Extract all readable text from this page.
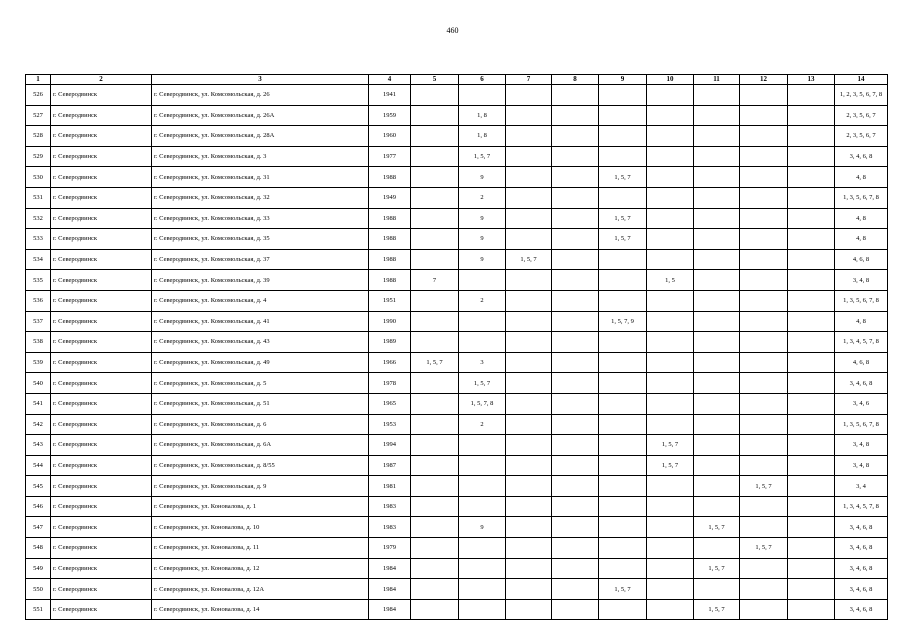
460
1	2	3	4	5	6	7	8	9	10	11	12	13	14
526	г. Северодвинск	г. Северодвинск, ул. Комсомольская, д. 26	1941										1, 2, 3, 5, 6, 7, 8
527	г. Северодвинск	г. Северодвинск, ул. Комсомольская, д. 26А	1959		1, 8								2, 3, 5, 6, 7
528	г. Северодвинск	г. Северодвинск, ул. Комсомольская, д. 28А	1960		1, 8								2, 3, 5, 6, 7
529	г. Северодвинск	г. Северодвинск, ул. Комсомольская, д. 3	1977		1, 5, 7								3, 4, 6, 8
530	г. Северодвинск	г. Северодвинск, ул. Комсомольская, д. 31	1988		9			1, 5, 7					4, 8
531	г. Северодвинск	г. Северодвинск, ул. Комсомольская, д. 32	1949		2								1, 3, 5, 6, 7, 8
532	г. Северодвинск	г. Северодвинск, ул. Комсомольская, д. 33	1988		9			1, 5, 7					4, 8
533	г. Северодвинск	г. Северодвинск, ул. Комсомольская, д. 35	1988		9			1, 5, 7					4, 8
534	г. Северодвинск	г. Северодвинск, ул. Комсомольская, д. 37	1988		9	1, 5, 7							4, 6, 8
535	г. Северодвинск	г. Северодвинск, ул. Комсомольская, д. 39	1988	7					1, 5				3, 4, 8
536	г. Северодвинск	г. Северодвинск, ул. Комсомольская, д. 4	1951		2								1, 3, 5, 6, 7, 8
537	г. Северодвинск	г. Северодвинск, ул. Комсомольская, д. 41	1990					1, 5, 7, 9					4, 8
538	г. Северодвинск	г. Северодвинск, ул. Комсомольская, д. 43	1989										1, 3, 4, 5, 7, 8
539	г. Северодвинск	г. Северодвинск, ул. Комсомольская, д. 49	1966	1, 5, 7	3								4, 6, 8
540	г. Северодвинск	г. Северодвинск, ул. Комсомольская, д. 5	1978		1, 5, 7								3, 4, 6, 8
541	г. Северодвинск	г. Северодвинск, ул. Комсомольская, д. 51	1965		1, 5, 7, 8								3, 4, 6
542	г. Северодвинск	г. Северодвинск, ул. Комсомольская, д. 6	1953		2								1, 3, 5, 6, 7, 8
543	г. Северодвинск	г. Северодвинск, ул. Комсомольская, д. 6А	1994						1, 5, 7				3, 4, 8
544	г. Северодвинск	г. Северодвинск, ул. Комсомольская, д. 8/55	1987						1, 5, 7				3, 4, 8
545	г. Северодвинск	г. Северодвинск, ул. Комсомольская, д. 9	1981								1, 5, 7		3, 4
546	г. Северодвинск	г. Северодвинск, ул. Коновалова, д. 1	1983										1, 3, 4, 5, 7, 8
547	г. Северодвинск	г. Северодвинск, ул. Коновалова, д. 10	1983		9					1, 5, 7			3, 4, 6, 8
548	г. Северодвинск	г. Северодвинск, ул. Коновалова, д. 11	1979								1, 5, 7		3, 4, 6, 8
549	г. Северодвинск	г. Северодвинск, ул. Коновалова, д. 12	1984							1, 5, 7			3, 4, 6, 8
550	г. Северодвинск	г. Северодвинск, ул. Коновалова, д. 12А	1984					1, 5, 7					3, 4, 6, 8
551	г. Северодвинск	г. Северодвинск, ул. Коновалова, д. 14	1984							1, 5, 7			3, 4, 6, 8
